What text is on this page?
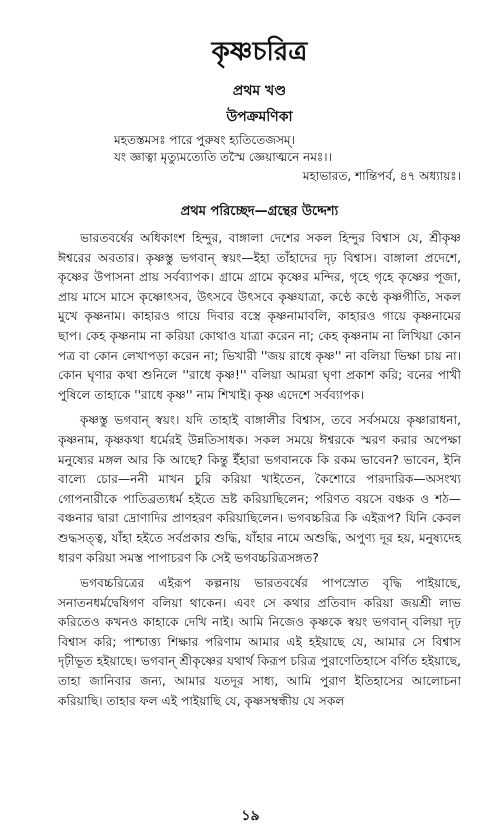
কৃষ্ণচরিত্র
প্রথম খণ্ড
উপক্রমণিকা
মহতস্তমসঃ পারে পুরুষং হ্যতিতেজসম্।
যং জ্ঞাত্বা মৃত্যুমত্যেতি তস্মৈ জ্ঞেয়াত্মনে নমঃ।।
মহাভারত, শান্তিপর্ব, ৪৭ অধ্যায়ঃ।
প্রথম পরিচ্ছেদ—গ্রন্থের উদ্দেশ্য

ভারতবর্ষের অধিকাংশ হিন্দুর, বাঙ্গালা দেশের সকল হিন্দুর বিশ্বাস যে, শ্রীকৃষ্ণ ঈশ্বরের অবতার। কৃষ্ণস্তু ভগবান্ স্বয়ং—ইহা তাঁহাদের দৃঢ় বিশ্বাস। বাঙ্গালা প্রদেশে, কৃষ্ণের উপাসনা প্রায় সর্বব্যাপক। গ্রামে গ্রামে কৃষ্ণের মন্দির, গৃহে গৃহে কৃষ্ণের পূজা, প্রায় মাসে মাসে কৃষ্ণোৎসব, উৎসবে উৎসবে কৃষ্ণযাত্রা, কণ্ঠে কণ্ঠে কৃষ্ণগীতি, সকল মুখে কৃষ্ণনাম। কাহারও গায়ে দিবার বস্ত্রে কৃষ্ণনামাবলি, কাহারও গায়ে কৃষ্ণনামের ছাপ। কেহ কৃষ্ণনাম না করিয়া কোথাও যাত্রা করেন না; কেহ কৃষ্ণনাম না লিখিয়া কোন পত্র বা কোন লেখাপড়া করেন না; ভিখারী ''জয় রাধে কৃষ্ণ'' না বলিয়া ভিক্ষা চায় না। কোন ঘৃণার কথা শুনিলে ''রাধে কৃষ্ণ!'' বলিয়া আমরা ঘৃণা প্রকাশ করি; বনের পাখী পুষিলে তাহাকে ''রাধে কৃষ্ণ'' নাম শিখাই। কৃষ্ণ এদেশে সর্বব্যাপক।

কৃষ্ণস্তু ভগবান্ স্বয়ং। যদি তাহাই বাঙ্গালীর বিশ্বাস, তবে সর্বসময়ে কৃষ্ণারাধনা, কৃষ্ণনাম, কৃষ্ণকথা ধর্মেরই উন্নতিসাধক। সকল সময়ে ঈশ্বরকে স্মরণ করার অপেক্ষা মনুষ্যের মঙ্গল আর কি আছে? কিন্তু ইঁহারা ভগবানকে কি রকম ভাবেন? ভাবেন, ইনি বাল্যে চোর—ননী মাখন চুরি করিয়া খাইতেন, কৈশোরে পারদারিক—অসংখ্য গোপনারীকে পাতিব্রত্যধর্ম হইতে ভ্রষ্ট করিয়াছিলেন; পরিণত বয়সে বঞ্চক ও শঠ—বঞ্চনার দ্বারা দ্রোণাদির প্রাণহরণ করিয়াছিলেন। ভগবচ্চরিত্র কি এইরূপ? যিনি কেবল শুদ্ধসত্ত্ব, যাঁহা হইতে সর্বপ্রকার শুদ্ধি, যাঁহার নামে অশুদ্ধি, অপুণ্য দূর হয়, মনুষ্যদেহ ধারণ করিয়া সমস্ত পাপাচরণ কি সেই ভগবচ্চরিত্রসঙ্গত?

ভগবচ্চরিত্রের এইরূপ কল্পনায় ভারতবর্ষের পাপস্রোত বৃদ্ধি পাইয়াছে, সনাতনধর্মদ্বেষিগণ বলিয়া থাকেন। এবং সে কথার প্রতিবাদ করিয়া জয়শ্রী লাভ করিতেও কখনও কাহাকে দেখি নাই। আমি নিজেও কৃষ্ণকে স্বয়ং ভগবান্ বলিয়া দৃঢ় বিশ্বাস করি; পাশ্চাত্ত্য শিক্ষার পরিণাম আমার এই হইয়াছে যে, আমার সে বিশ্বাস দৃঢ়ীভূত হইয়াছে। ভগবান্ শ্রীকৃষ্ণের যথার্থ কিরূপ চরিত্র পুরাণেতিহাসে বর্ণিত হইয়াছে, তাহা জানিবার জন্য, আমার যতদূর সাধ্য, আমি পুরাণ ইতিহাসের আলোচনা করিয়াছি। তাহার ফল এই পাইয়াছি যে, কৃষ্ণসম্বন্ধীয় যে সকল

১৯
